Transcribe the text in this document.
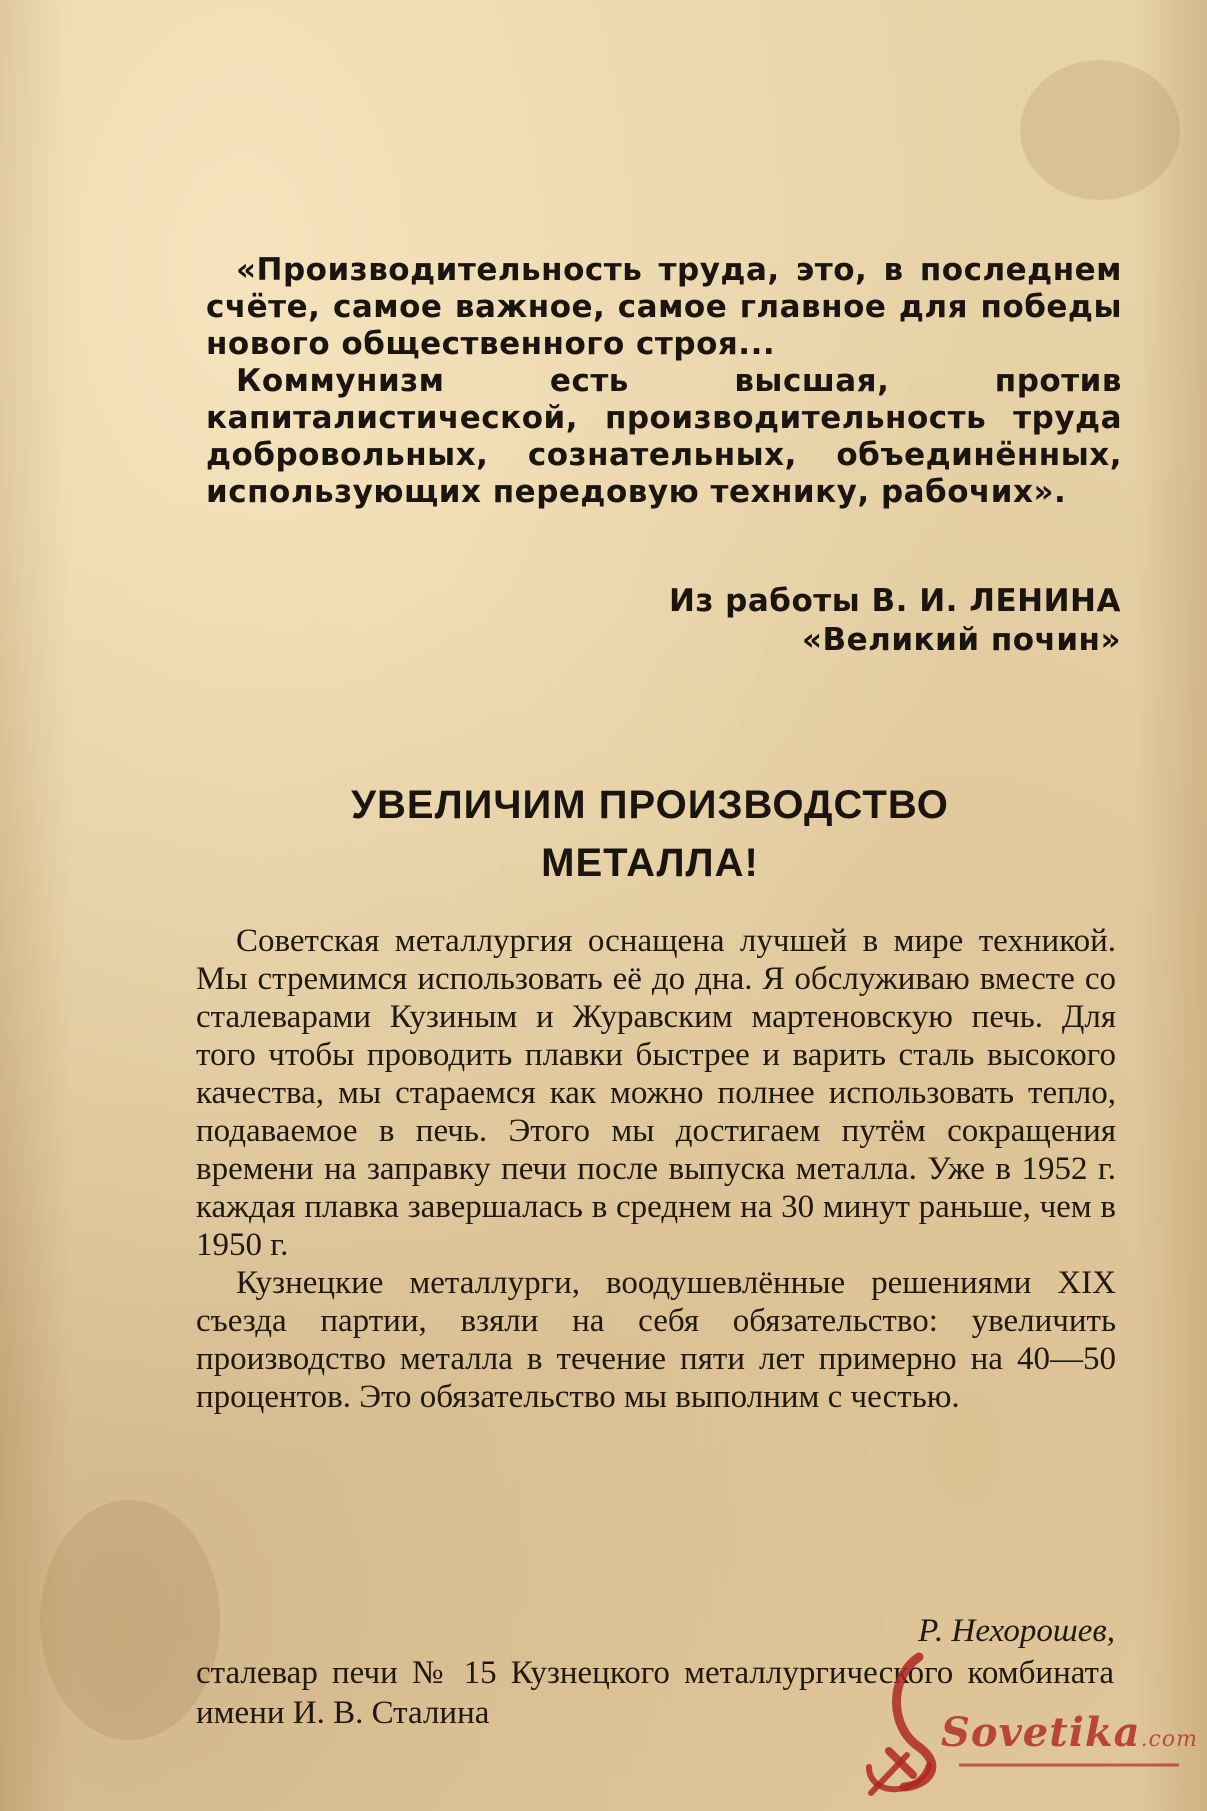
«Производительность труда, это, в последнем счёте, самое важное, самое главное для победы нового общественного строя...

Коммунизм есть высшая, против капиталистической, производительность труда добровольных, сознательных, объединённых, использующих передовую технику, рабочих».

Из работы В. И. ЛЕНИНА
«Великий почин»
УВЕЛИЧИМ ПРОИЗВОДСТВО
МЕТАЛЛА!

Советская металлургия оснащена лучшей в мире техникой. Мы стремимся использовать её до дна. Я обслуживаю вместе со сталеварами Кузиным и Журавским мартеновскую печь. Для того чтобы проводить плавки быстрее и варить сталь высокого качества, мы стараемся как можно полнее использовать тепло, подаваемое в печь. Этого мы достигаем путём сокращения времени на заправку печи после выпуска металла. Уже в 1952 г. каждая плавка завершалась в среднем на 30 минут раньше, чем в 1950 г.

Кузнецкие металлурги, воодушевлённые решениями XIX съезда партии, взяли на себя обязательство: увеличить производство металла в течение пяти лет примерно на 40—50 процентов. Это обязательство мы выполним с честью.

Р. Нехорошев,

сталевар печи № 15 Кузнецкого металлургического комбината имени И. В. Сталина	Sovetika.com
